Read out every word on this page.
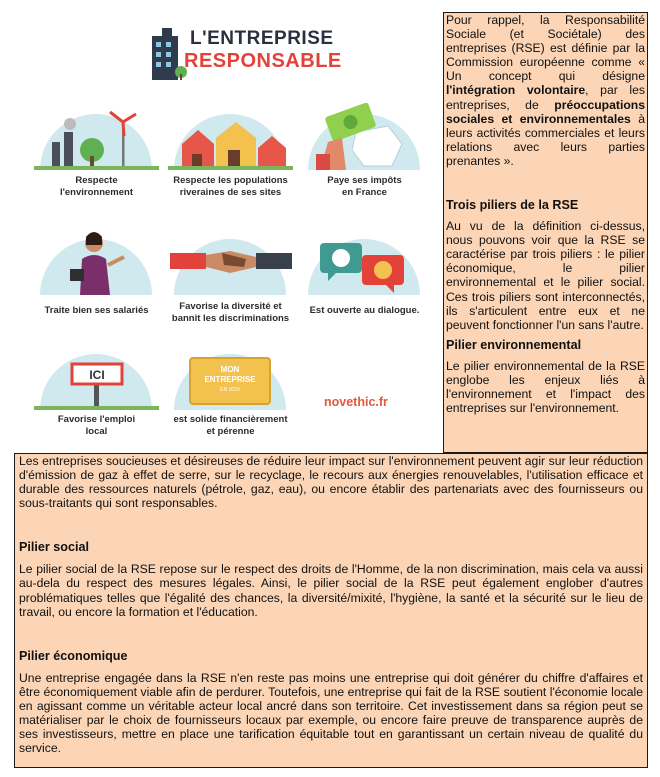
L'ENTREPRISE
RESPONSABLE
Respecte
l'environnement
Respecte les populations
riveraines de ses sites
Paye ses impôts
en France
Traite bien ses salariés	Favorise la diversité et
bannit les discriminations
Est ouverte au dialogue.
ICI
Favorise l'emploi
local
MON
ENTREPRISE
EN 2020
est solide financièrement
et pérenne
novethic.fr

Pour rappel, la Responsabilité Sociale (et Sociétale) des entreprises (RSE) est définie par la Commission européenne comme « Un concept qui désigne l'intégration volontaire, par les entreprises, de préoccupations sociales et environnementales à leurs activités commerciales et leurs relations avec leurs parties prenantes ».

Trois piliers de la RSE

Au vu de la définition ci-dessus, nous pouvons voir que la RSE se caractérise par trois piliers : le pilier économique, le pilier environnemental et le pilier social. Ces trois piliers sont interconnectés, ils s'articulent entre eux et ne peuvent fonctionner l'un sans l'autre.

Pilier environnemental

Le pilier environnemental de la RSE englobe les enjeux liés à l'environnement et l'impact des entreprises sur l'environnement.

Les entreprises soucieuses et désireuses de réduire leur impact sur l'environnement peuvent agir sur leur réduction d'émission de gaz à effet de serre, sur le recyclage, le recours aux énergies renouvelables, l'utilisation efficace et durable des ressources naturels (pétrole, gaz, eau), ou encore établir des partenariats avec des fournisseurs ou sous-traitants qui sont responsables.

Pilier social

Le pilier social de la RSE repose sur le respect des droits de l'Homme, de la non discrimination, mais cela va aussi au-dela du respect des mesures légales. Ainsi, le pilier social de la RSE peut également englober d'autres problématiques telles que l'égalité des chances, la diversité/mixité, l'hygiène, la santé et la sécurité sur le lieu de travail, ou encore la formation et l'éducation.

Pilier économique

Une entreprise engagée dans la RSE n'en reste pas moins une entreprise qui doit générer du chiffre d'affaires et être économiquement viable afin de perdurer. Toutefois, une entreprise qui fait de la RSE soutient l'économie locale en agissant comme un véritable acteur local ancré dans son territoire. Cet investissement dans sa région peut se matérialiser par le choix de fournisseurs locaux par exemple, ou encore faire preuve de transparence auprès de ses investisseurs, mettre en place une tarification équitable tout en garantissant un certain niveau de qualité du service.
